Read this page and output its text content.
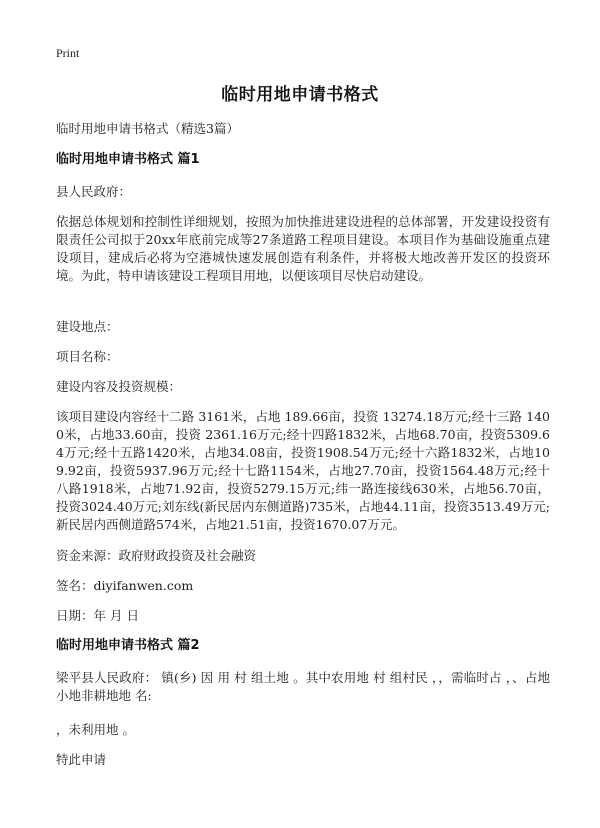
Print
临时用地申请书格式
临时用地申请书格式（精选3篇）
临时用地申请书格式 篇1
县人民政府：
依据总体规划和控制性详细规划，按照为加快推进建设进程的总体部署，开发建设投资有限责任公司拟于20xx年底前完成等27条道路工程项目建设。本项目作为基础设施重点建设项目，建成后必将为空港城快速发展创造有利条件，并将极大地改善开发区的投资环境。为此，特申请该建设工程项目用地，以便该项目尽快启动建设。
建设地点：
项目名称：
建设内容及投资规模：
该项目建设内容经十二路 3161米，占地 189.66亩，投资 13274.18万元;经十三路 1400米，占地33.60亩，投资 2361.16万元;经十四路1832米，占地68.70亩，投资5309.64万元;经十五路1420米，占地34.08亩，投资1908.54万元;经十六路1832米，占地109.92亩，投资5937.96万元;经十七路1154米，占地27.70亩，投资1564.48万元;经十八路1918米，占地71.92亩，投资5279.15万元;纬一路连接线630米，占地56.70亩，投资3024.40万元;刘东线(新民居内东侧道路)735米，占地44.11亩，投资3513.49万元;新民居内西侧道路574米，占地21.51亩，投资1670.07万元。
资金来源：政府财政投资及社会融资
签名： diyifanwen.com
日期： 年 月 日
临时用地申请书格式 篇2
梁平县人民政府： 镇(乡) 因 用 村 组土地 。其中农用地 村 组村民 ，，需临时占 ，、占地小地非耕地地 名:
，未利用地 。
特此申请
